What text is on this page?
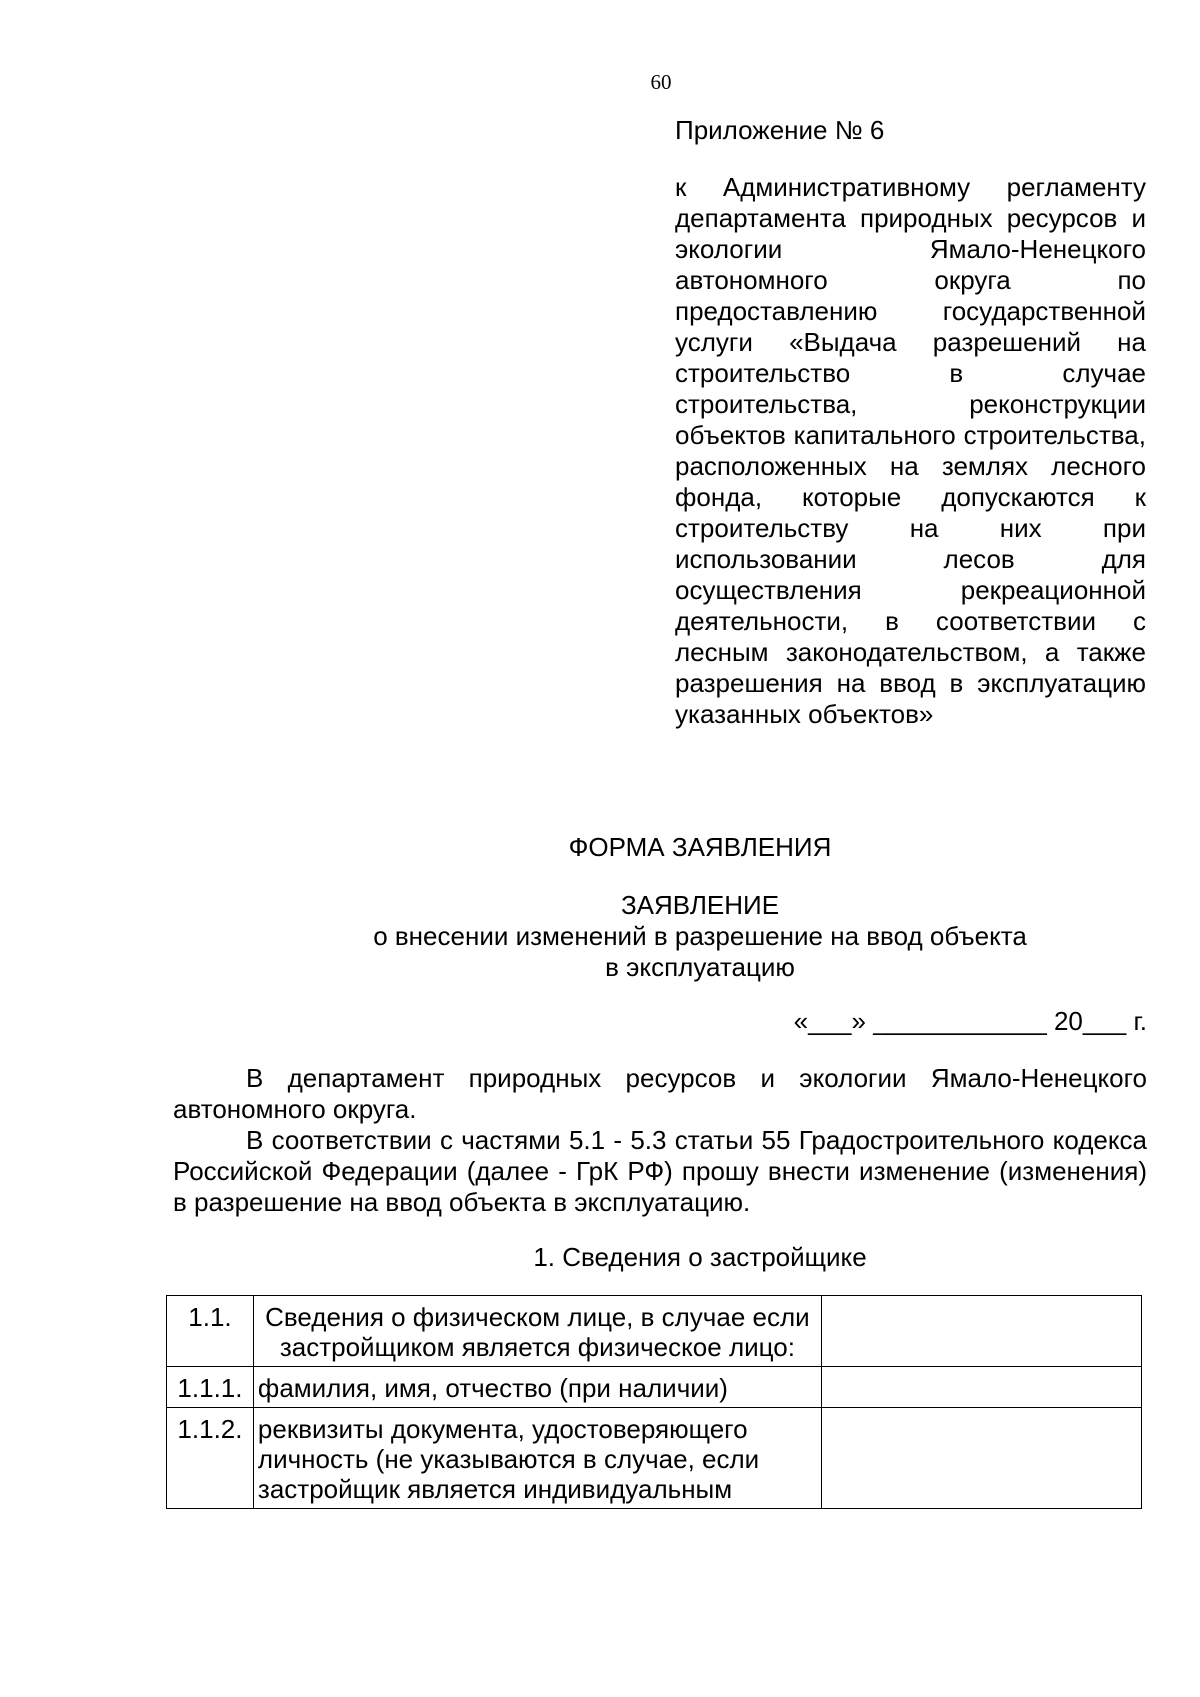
60
Приложение № 6
к Административному регламенту департамента природных ресурсов и экологии Ямало-Ненецкого автономного округа по предоставлению государственной услуги «Выдача разрешений на строительство в случае строительства, реконструкции объектов капитального строительства, расположенных на землях лесного фонда, которые допускаются к строительству на них при использовании лесов для осуществления рекреационной деятельности, в соответствии с лесным законодательством, а также разрешения на ввод в эксплуатацию указанных объектов»
ФОРМА ЗАЯВЛЕНИЯ
ЗАЯВЛЕНИЕ
о внесении изменений в разрешение на ввод объекта
в эксплуатацию
«___» ____________ 20___ г.

В департамент природных ресурсов и экологии Ямало-Ненецкого автономного округа.

В соответствии с частями 5.1 - 5.3 статьи 55 Градостроительного кодекса Российской Федерации (далее - ГрК РФ) прошу внести изменение (изменения) в разрешение на ввод объекта в эксплуатацию.

1. Сведения о застройщике
1.1.	Сведения о физическом лице, в случае если застройщиком является физическое лицо:	
1.1.1.	фамилия, имя, отчество (при наличии)	
1.1.2.	реквизиты документа, удостоверяющего личность (не указываются в случае, если застройщик является индивидуальным	
